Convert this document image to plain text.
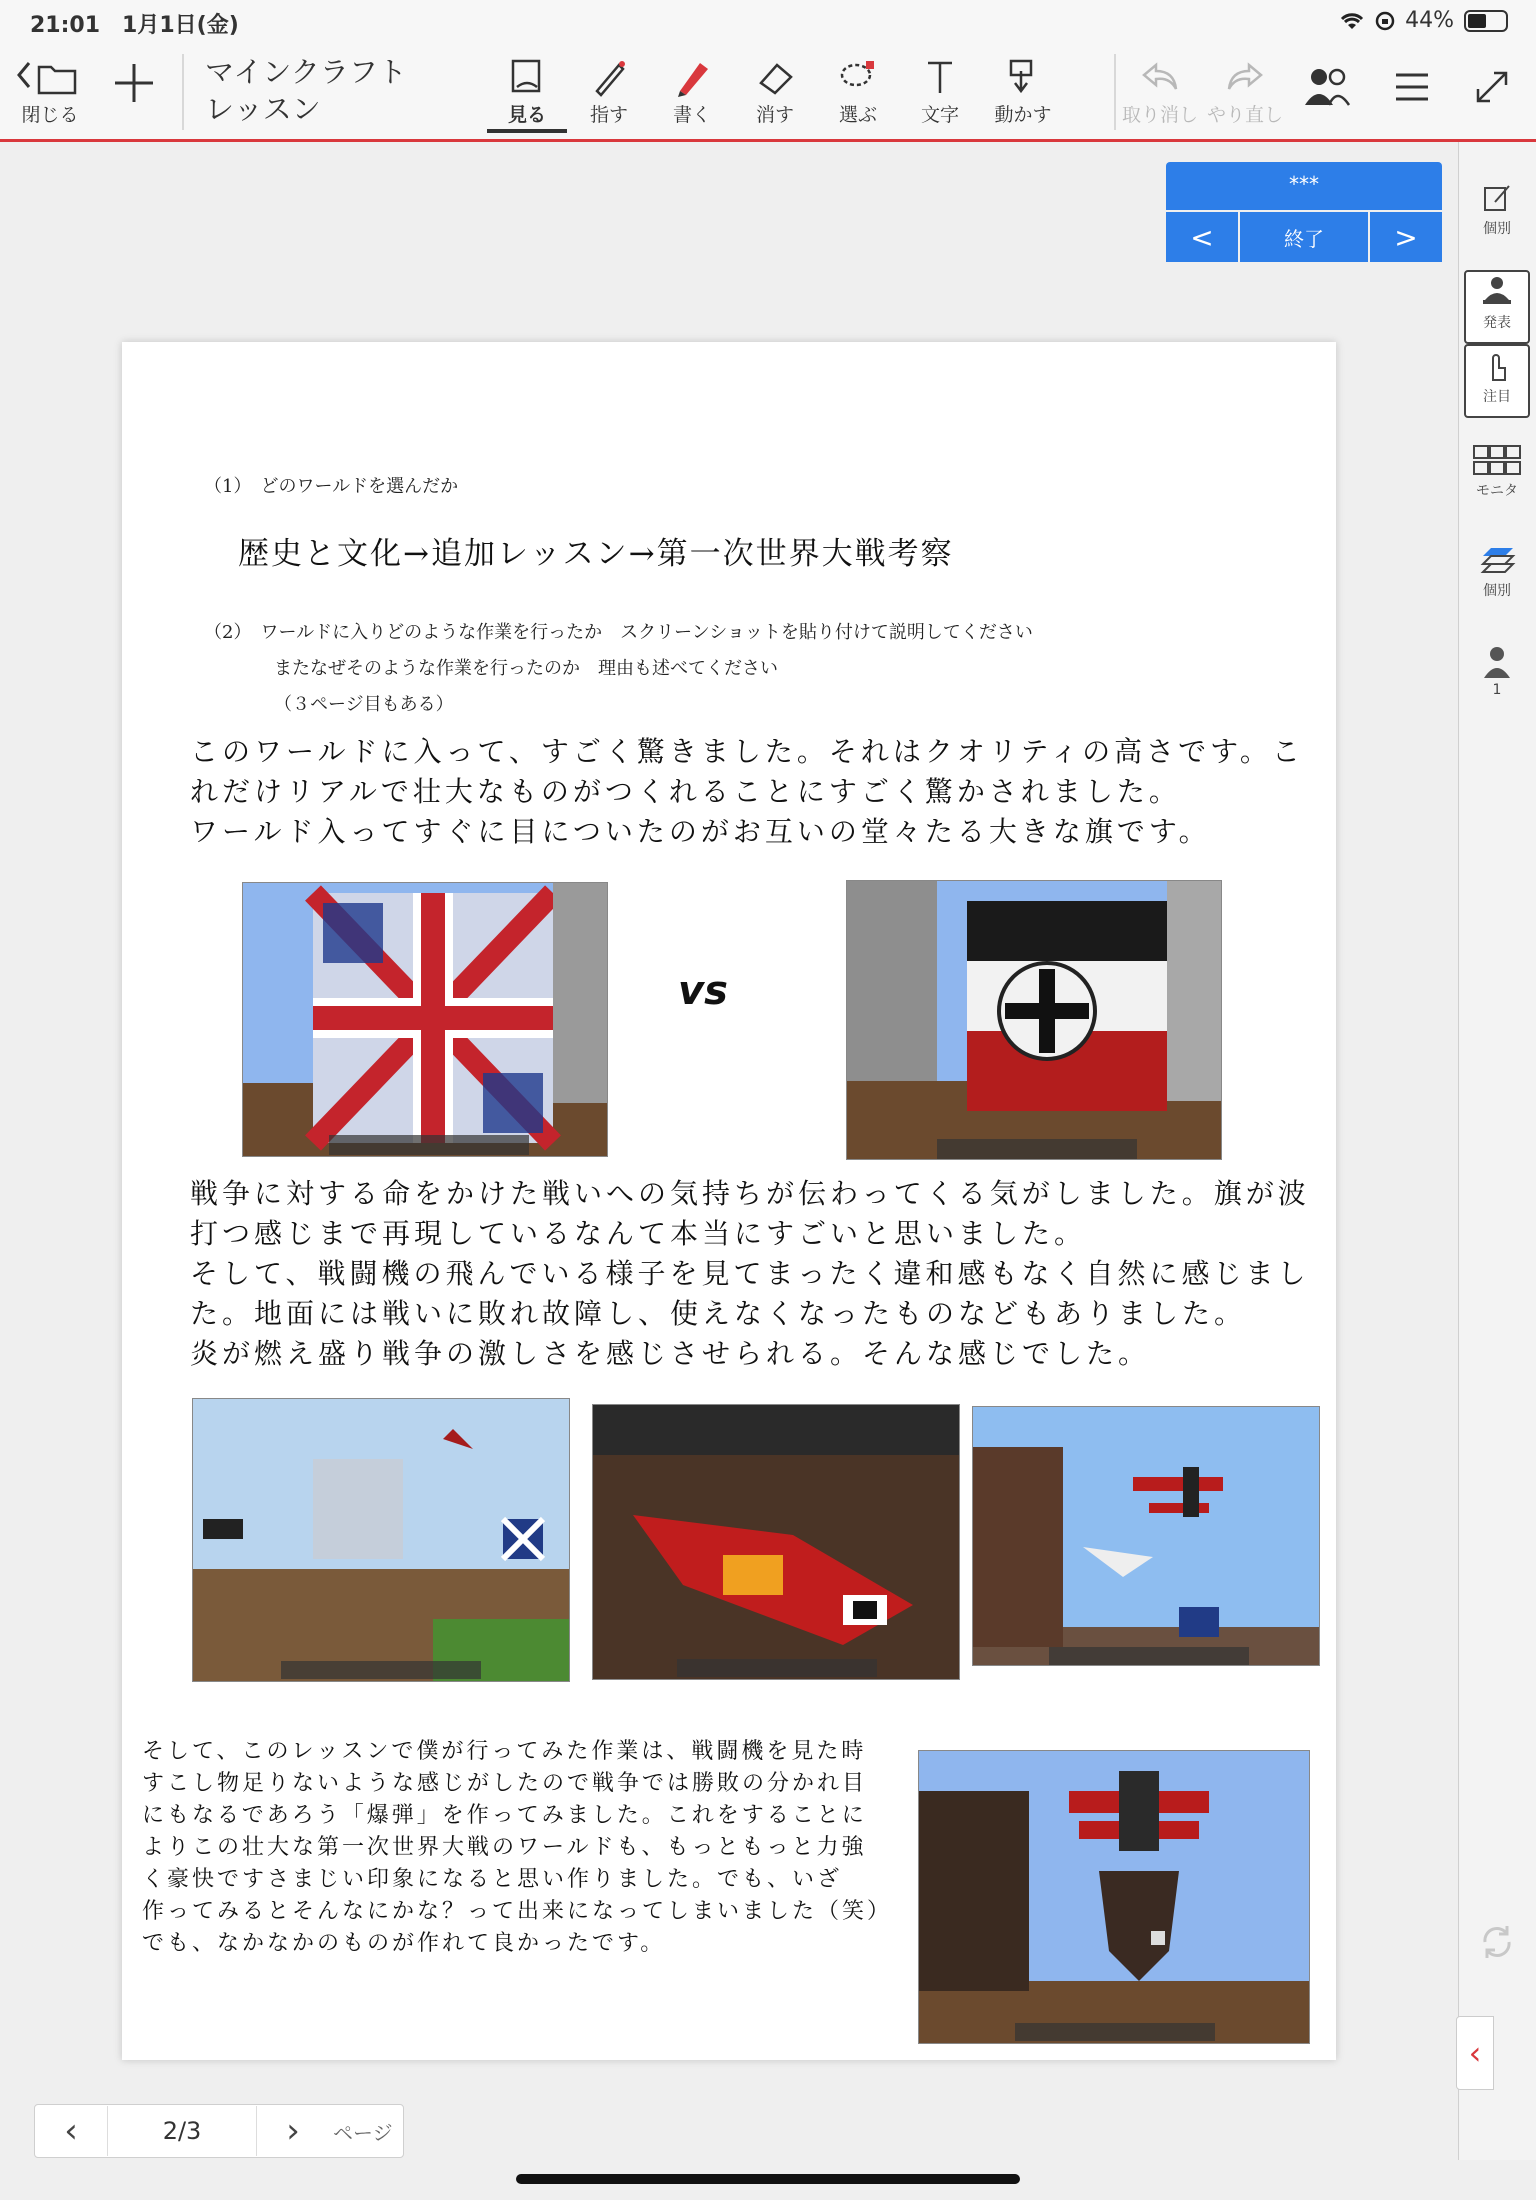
21:01　 1月1日(金)	44%
閉じる
マインクラフト
レッスン	見る	指す	書く	消す	選ぶ	文字	動かす	取り消し やり直し
***
<	終了	>	個別
発表
注目
モニタ
個別
1
‹
（1）　どのワールドを選んだか
歴史と文化→追加レッスン→第一次世界大戦考察
（2）　ワールドに入りどのような作業を行ったか　スクリーンショットを貼り付けて説明してください
またなぜそのような作業を行ったのか　理由も述べてください
（３ページ目もある）
このワールドに入って、すごく驚きました。それはクオリティの高さです。こ
れだけリアルで壮大なものがつくれることにすごく驚かされました。
ワールド入ってすぐに目についたのがお互いの堂々たる大きな旗です。
vs
戦争に対する命をかけた戦いへの気持ちが伝わってくる気がしました。旗が波
打つ感じまで再現しているなんて本当にすごいと思いました。
そして、戦闘機の飛んでいる様子を見てまったく違和感もなく自然に感じまし
た。地面には戦いに敗れ故障し、使えなくなったものなどもありました。
炎が燃え盛り戦争の激しさを感じさせられる。そんな感じでした。
そして、このレッスンで僕が行ってみた作業は、戦闘機を見た時
すこし物足りないような感じがしたので戦争では勝敗の分かれ目
にもなるであろう「爆弾」を作ってみました。これをすることに
よりこの壮大な第一次世界大戦のワールドも、もっともっと力強
く豪快ですさまじい印象になると思い作りました。でも、いざ
作ってみるとそんなにかな？って出来になってしまいました（笑）
でも、なかなかのものが作れて良かったです。
‹	2/3	›	ページ
